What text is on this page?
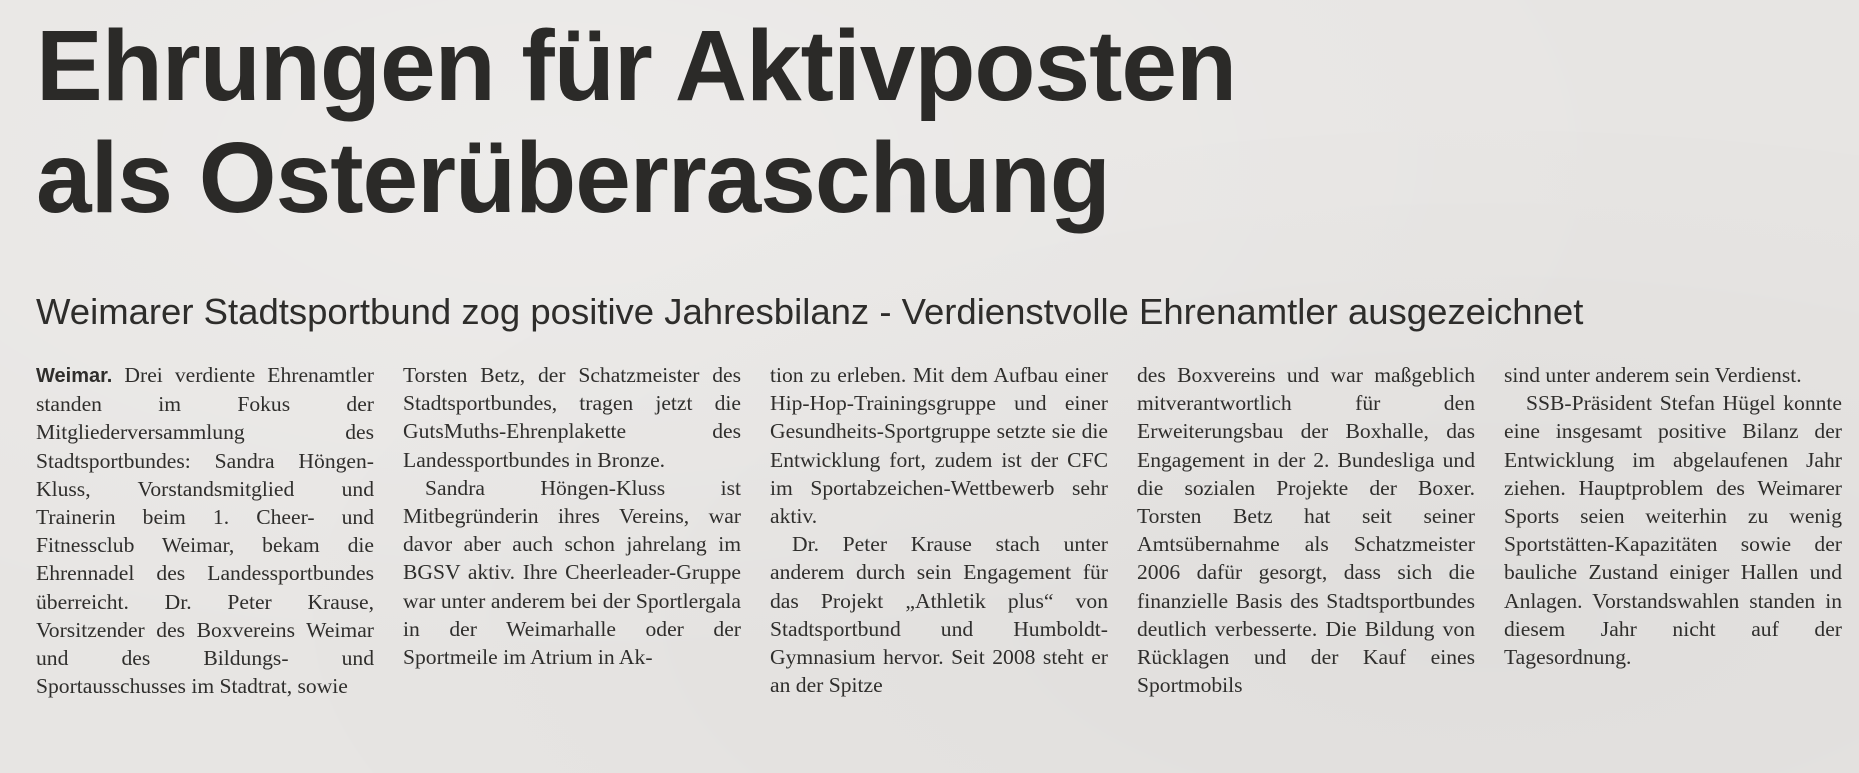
Ehrungen für Aktivposten
als Osterüberraschung
Weimarer Stadtsportbund zog positive Jahresbilanz - Verdienstvolle Ehrenamtler ausgezeichnet

Weimar. Drei verdiente Ehrenamtler standen im Fokus der Mitgliederversammlung des Stadtsportbundes: Sandra Höngen-Kluss, Vorstandsmitglied und Trainerin beim 1. Cheer- und Fitnessclub Weimar, bekam die Ehrennadel des Landessportbundes überreicht. Dr. Peter Krause, Vorsitzender des Boxvereins Weimar und des Bildungs- und Sportausschusses im Stadtrat, sowie

Torsten Betz, der Schatzmeister des Stadtsportbundes, tragen jetzt die GutsMuths-Ehrenplakette des Landessportbundes in Bronze.

Sandra Höngen-Kluss ist Mitbegründerin ihres Vereins, war davor aber auch schon jahrelang im BGSV aktiv. Ihre Cheerleader-Gruppe war unter anderem bei der Sportlergala in der Weimarhalle oder der Sportmeile im Atrium in Ak-

tion zu erleben. Mit dem Aufbau einer Hip-Hop-Trainingsgruppe und einer Gesundheits-Sportgruppe setzte sie die Entwicklung fort, zudem ist der CFC im Sportabzeichen-Wettbewerb sehr aktiv.

Dr. Peter Krause stach unter anderem durch sein Engagement für das Projekt „Athletik plus“ von Stadtsportbund und Humboldt-Gymnasium hervor. Seit 2008 steht er an der Spitze

des Boxvereins und war maßgeblich mitverantwortlich für den Erweiterungsbau der Boxhalle, das Engagement in der 2. Bundesliga und die sozialen Projekte der Boxer. Torsten Betz hat seit seiner Amtsübernahme als Schatzmeister 2006 dafür gesorgt, dass sich die finanzielle Basis des Stadtsportbundes deutlich verbesserte. Die Bildung von Rücklagen und der Kauf eines Sportmobils

sind unter anderem sein Verdienst.

SSB-Präsident Stefan Hügel konnte eine insgesamt positive Bilanz der Entwicklung im abgelaufenen Jahr ziehen. Hauptproblem des Weimarer Sports seien weiterhin zu wenig Sportstätten-Kapazitäten sowie der bauliche Zustand einiger Hallen und Anlagen. Vorstandswahlen standen in diesem Jahr nicht auf der Tagesordnung.
